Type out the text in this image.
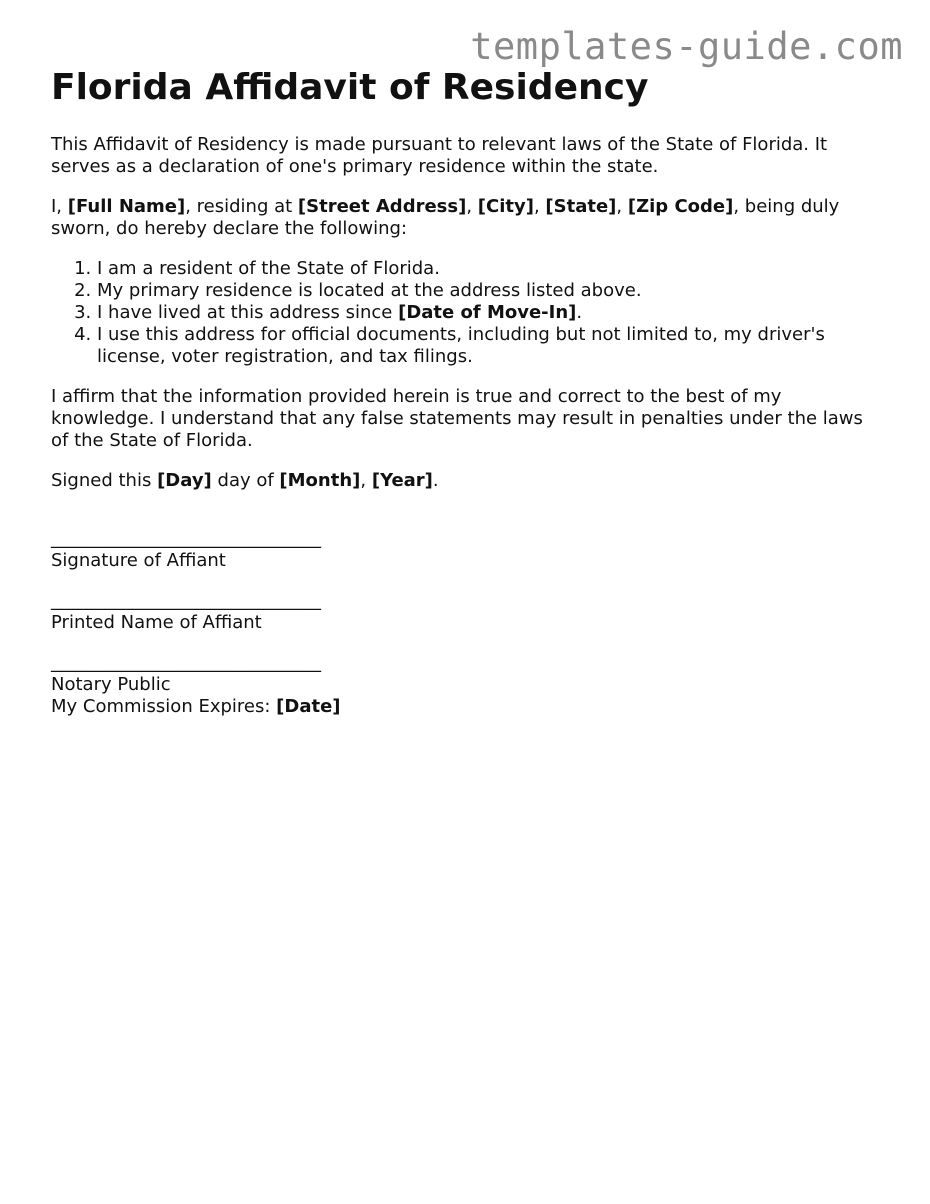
templates-guide.com
Florida Affidavit of Residency

This Affidavit of Residency is made pursuant to relevant laws of the State of Florida. It serves as a declaration of one's primary residence within the state.

I, [Full Name], residing at [Street Address], [City], [State], [Zip Code], being duly sworn, do hereby declare the following:

1. I am a resident of the State of Florida.
2. My primary residence is located at the address listed above.
3. I have lived at this address since [Date of Move-In].
4. I use this address for official documents, including but not limited to, my driver's license, voter registration, and tax filings.

I affirm that the information provided herein is true and correct to the best of my knowledge. I understand that any false statements may result in penalties under the laws of the State of Florida.

Signed this [Day] day of [Month], [Year].

______________________________
Signature of Affiant
______________________________
Printed Name of Affiant
______________________________
Notary Public
My Commission Expires: [Date]
